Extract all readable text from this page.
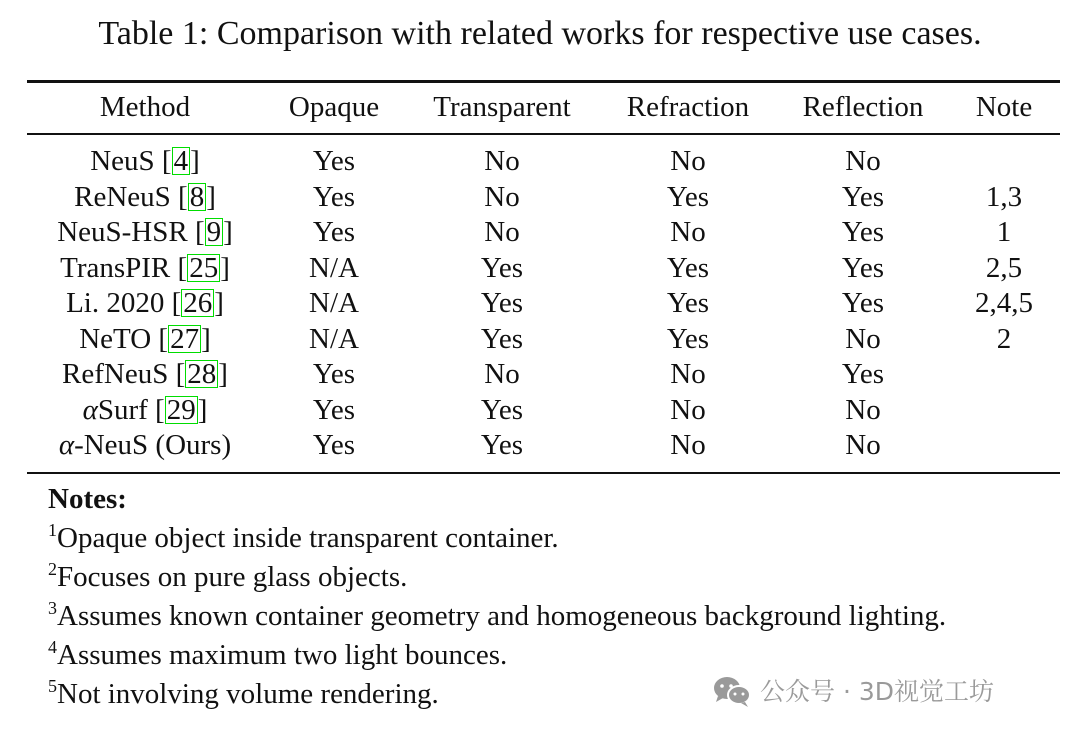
Table 1: Comparison with related works for respective use cases.
Method	Opaque	Transparent	Refraction	Reflection	Note
NeuS [4]	Yes	No	No	No
ReNeuS [8]	Yes	No	Yes	Yes	1,3
NeuS-HSR [9]	Yes	No	No	Yes	1
TransPIR [25]	N/A	Yes	Yes	Yes	2,5
Li. 2020 [26]	N/A	Yes	Yes	Yes	2,4,5
NeTO [27]	N/A	Yes	Yes	No	2
RefNeuS [28]	Yes	No	No	Yes
αSurf [29]	Yes	Yes	No	No
α-NeuS (Ours)	Yes	Yes	No	No
Notes:
$^1$Opaque object inside transparent container.
$^2$Focuses on pure glass objects.
$^3$Assumes known container geometry and homogeneous background lighting.
$^4$Assumes maximum two light bounces.
$^5$Not involving volume rendering.	公众号 · 3D视觉工坊
